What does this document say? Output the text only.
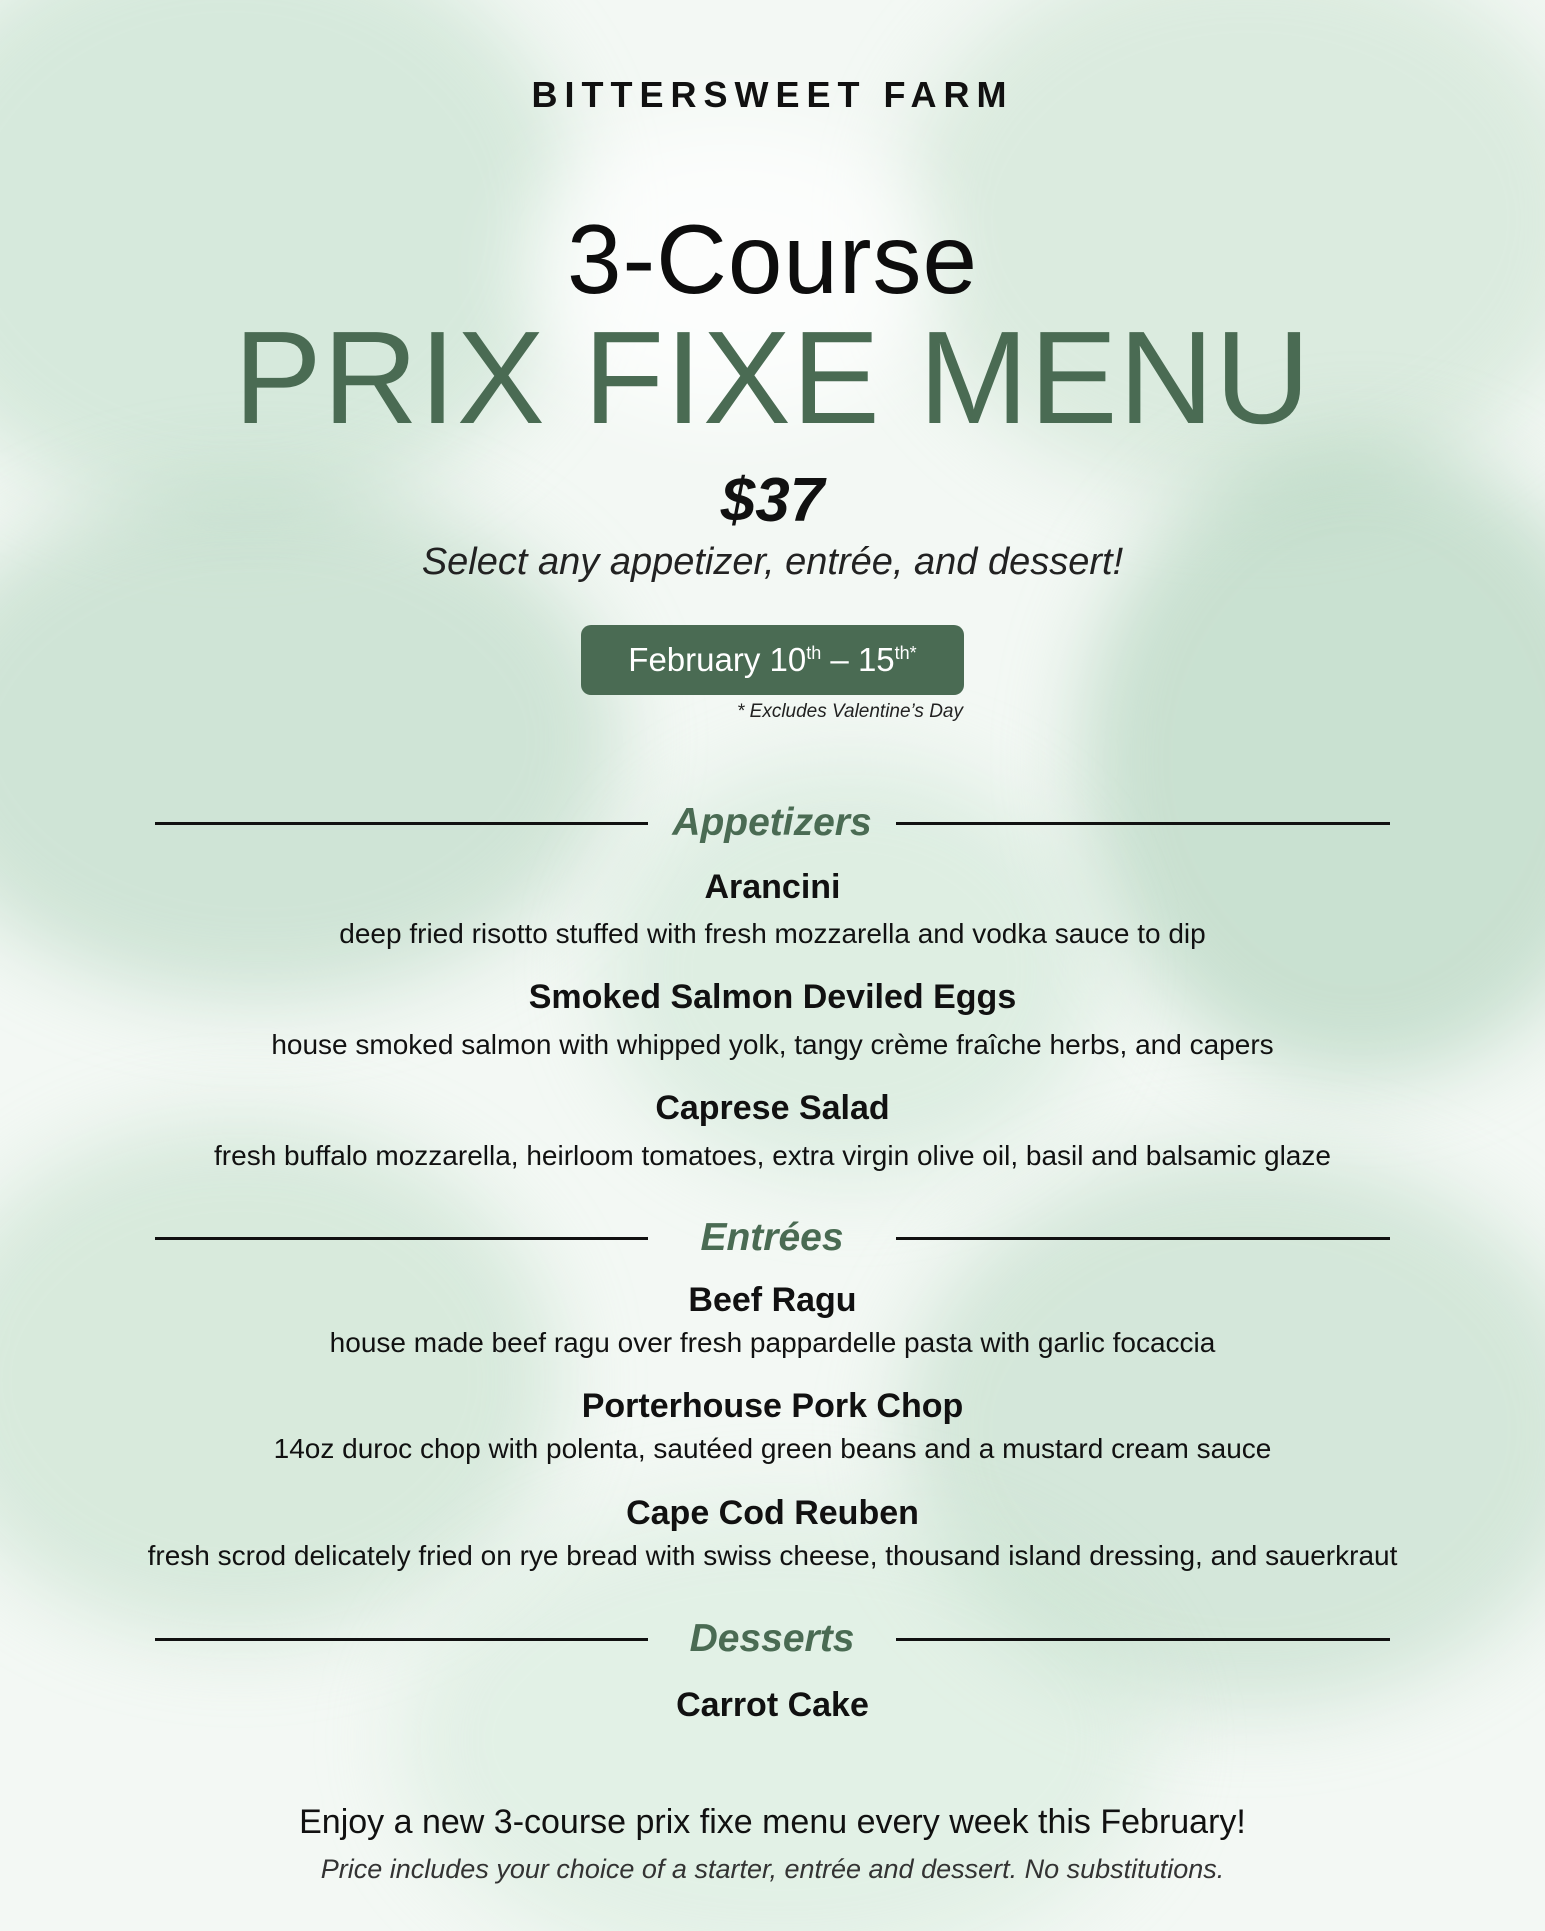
BITTERSWEET FARM
3-Course
PRIX FIXE MENU
$37
Select any appetizer, entrée, and dessert!
February $10th - 15^{th*}$
* Excludes Valentine’s Day
Appetizers
Arancini
deep fried risotto stuffed with fresh mozzarella and vodka sauce to dip
Smoked Salmon Deviled Eggs
house smoked salmon with whipped yolk, tangy crème fraîche herbs, and capers
Caprese Salad
fresh buffalo mozzarella, heirloom tomatoes, extra virgin olive oil, basil and balsamic glaze
Entrées
Beef Ragu
house made beef ragu over fresh pappardelle pasta with garlic focaccia
Porterhouse Pork Chop
14oz duroc chop with polenta, sautéed green beans and a mustard cream sauce
Cape Cod Reuben
fresh scrod delicately fried on rye bread with swiss cheese, thousand island dressing, and sauerkraut
Desserts
Carrot Cake
Enjoy a new 3-course prix fixe menu every week this February!
Price includes your choice of a starter, entrée and dessert. No substitutions.
